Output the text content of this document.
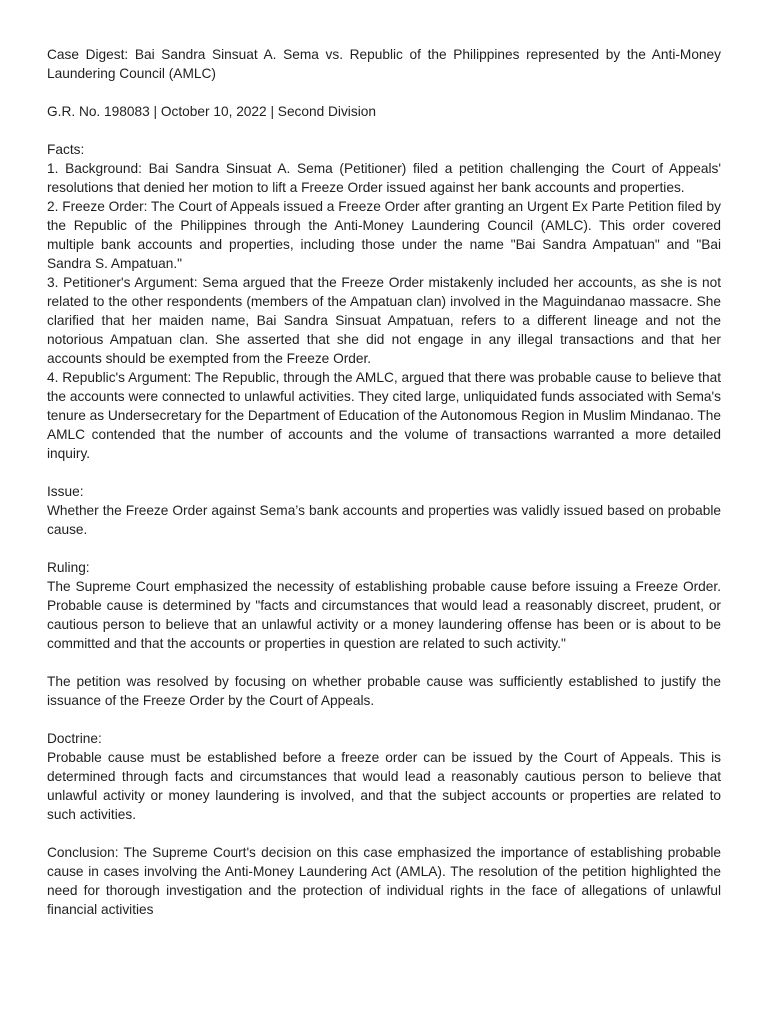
Case Digest: Bai Sandra Sinsuat A. Sema vs. Republic of the Philippines represented by the Anti-Money Laundering Council (AMLC)

G.R. No. 198083 | October 10, 2022 | Second Division

Facts:

1. Background: Bai Sandra Sinsuat A. Sema (Petitioner) filed a petition challenging the Court of Appeals' resolutions that denied her motion to lift a Freeze Order issued against her bank accounts and properties.

2. Freeze Order: The Court of Appeals issued a Freeze Order after granting an Urgent Ex Parte Petition filed by the Republic of the Philippines through the Anti-Money Laundering Council (AMLC). This order covered multiple bank accounts and properties, including those under the name "Bai Sandra Ampatuan" and "Bai Sandra S. Ampatuan."

3. Petitioner's Argument: Sema argued that the Freeze Order mistakenly included her accounts, as she is not related to the other respondents (members of the Ampatuan clan) involved in the Maguindanao massacre. She clarified that her maiden name, Bai Sandra Sinsuat Ampatuan, refers to a different lineage and not the notorious Ampatuan clan. She asserted that she did not engage in any illegal transactions and that her accounts should be exempted from the Freeze Order.

4. Republic's Argument: The Republic, through the AMLC, argued that there was probable cause to believe that the accounts were connected to unlawful activities. They cited large, unliquidated funds associated with Sema's tenure as Undersecretary for the Department of Education of the Autonomous Region in Muslim Mindanao. The AMLC contended that the number of accounts and the volume of transactions warranted a more detailed inquiry.

Issue:

Whether the Freeze Order against Sema’s bank accounts and properties was validly issued based on probable cause.

Ruling:

The Supreme Court emphasized the necessity of establishing probable cause before issuing a Freeze Order. Probable cause is determined by "facts and circumstances that would lead a reasonably discreet, prudent, or cautious person to believe that an unlawful activity or a money laundering offense has been or is about to be committed and that the accounts or properties in question are related to such activity."

The petition was resolved by focusing on whether probable cause was sufficiently established to justify the issuance of the Freeze Order by the Court of Appeals.

Doctrine:

Probable cause must be established before a freeze order can be issued by the Court of Appeals. This is determined through facts and circumstances that would lead a reasonably cautious person to believe that unlawful activity or money laundering is involved, and that the subject accounts or properties are related to such activities.

Conclusion: The Supreme Court's decision on this case emphasized the importance of establishing probable cause in cases involving the Anti-Money Laundering Act (AMLA). The resolution of the petition highlighted the need for thorough investigation and the protection of individual rights in the face of allegations of unlawful financial activities
